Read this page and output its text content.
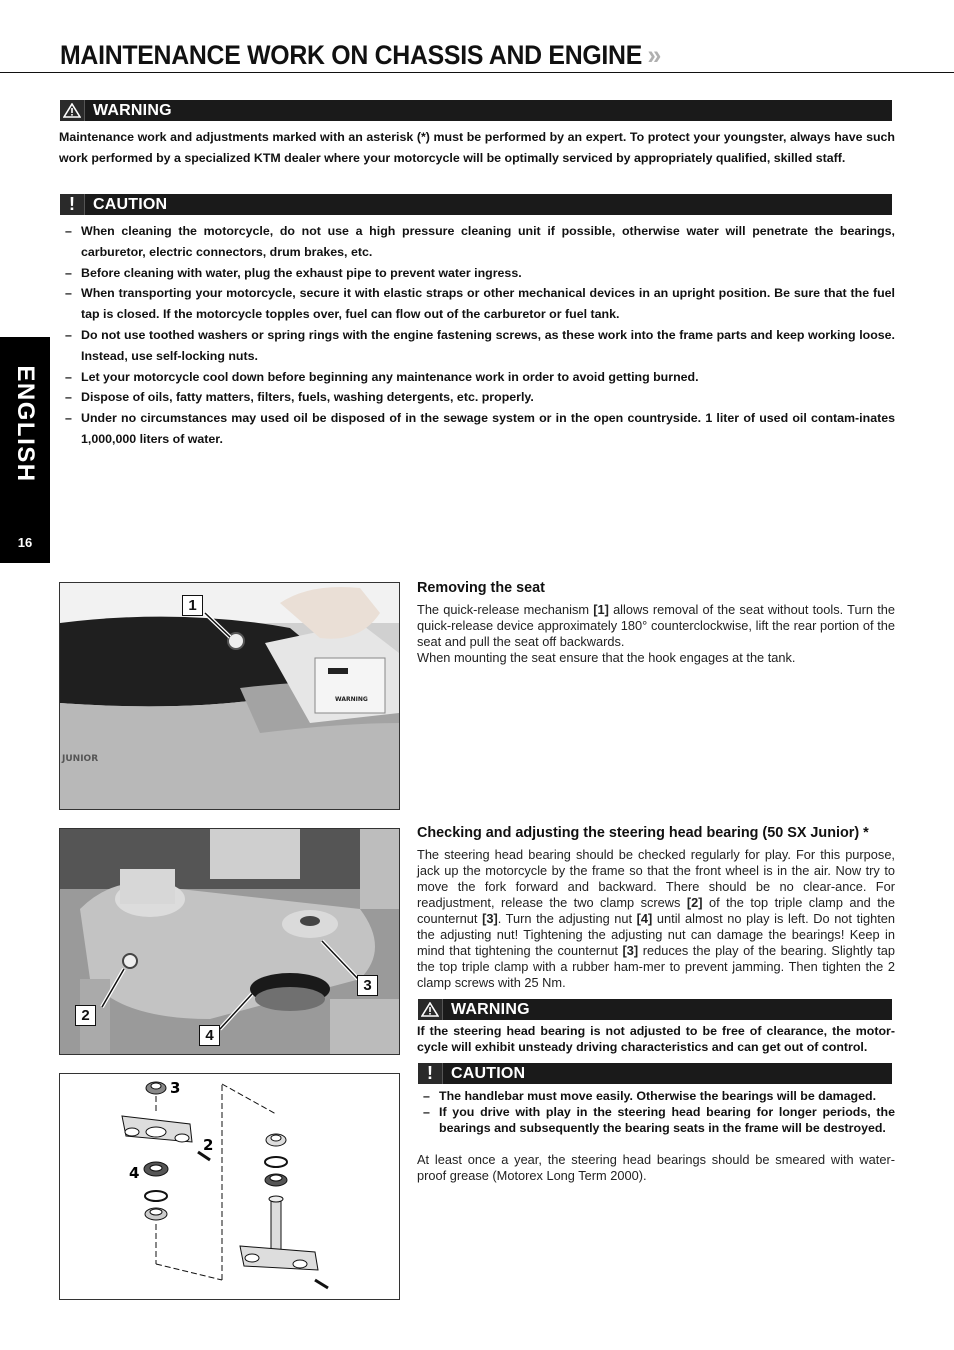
MAINTENANCE WORK ON CHASSIS AND ENGINE »
ENGLISH
16
WARNING
Maintenance work and adjustments marked with an asterisk (*) must be performed by an expert. To protect your youngster, always have such work performed by a specialized KTM dealer where your motorcycle will be optimally serviced by appropriately qualified, skilled staff.
! CAUTION
– When cleaning the motorcycle, do not use a high pressure cleaning unit if possible, otherwise water will penetrate the bearings, carburetor, electric connectors, drum brakes, etc.
– Before cleaning with water, plug the exhaust pipe to prevent water ingress.
– When transporting your motorcycle, secure it with elastic straps or other mechanical devices in an upright position. Be sure that the fuel tap is closed. If the motorcycle topples over, fuel can flow out of the carburetor or fuel tank.
– Do not use toothed washers or spring rings with the engine fastening screws, as these work into the frame parts and keep working loose. Instead, use self-locking nuts.
– Let your motorcycle cool down before beginning any maintenance work in order to avoid getting burned.
– Dispose of oils, fatty matters, filters, fuels, washing detergents, etc. properly.
– Under no circumstances may used oil be disposed of in the sewage system or in the open countryside. 1 liter of used oil contam-inates 1,000,000 liters of water.
JUNIOR
WARNING
1
Removing the seat
The quick-release mechanism [1] allows removal of the seat without tools. Turn the quick-release device approximately 180° counterclockwise, lift the rear portion of the seat and pull the seat off backwards.
When mounting the seat ensure that the hook engages at the tank.
2
4
3
Checking and adjusting the steering head bearing (50 SX Junior) *
The steering head bearing should be checked regularly for play. For this purpose, jack up the motorcycle by the frame so that the front wheel is in the air. Now try to move the fork forward and backward. There should be no clear-ance. For readjustment, release the two clamp screws [2] of the top triple clamp and the counternut [3]. Turn the adjusting nut [4] until almost no play is left. Do not tighten the adjusting nut! Tightening the adjusting nut can damage the bearings! Keep in mind that tightening the counternut [3] reduces the play of the bearing. Slightly tap the top triple clamp with a rubber ham-mer to prevent jamming. Then tighten the 2 clamp screws with 25 Nm.
WARNING
If the steering head bearing is not adjusted to be free of clearance, the motor-cycle will exhibit unsteady driving characteristics and can get out of control.
! CAUTION
– The handlebar must move easily. Otherwise the bearings will be damaged.
– If you drive with play in the steering head bearing for longer periods, the bearings and subsequently the bearing seats in the frame will be destroyed.
At least once a year, the steering head bearings should be smeared with water-proof grease (Motorex Long Term 2000).
3
2
4
